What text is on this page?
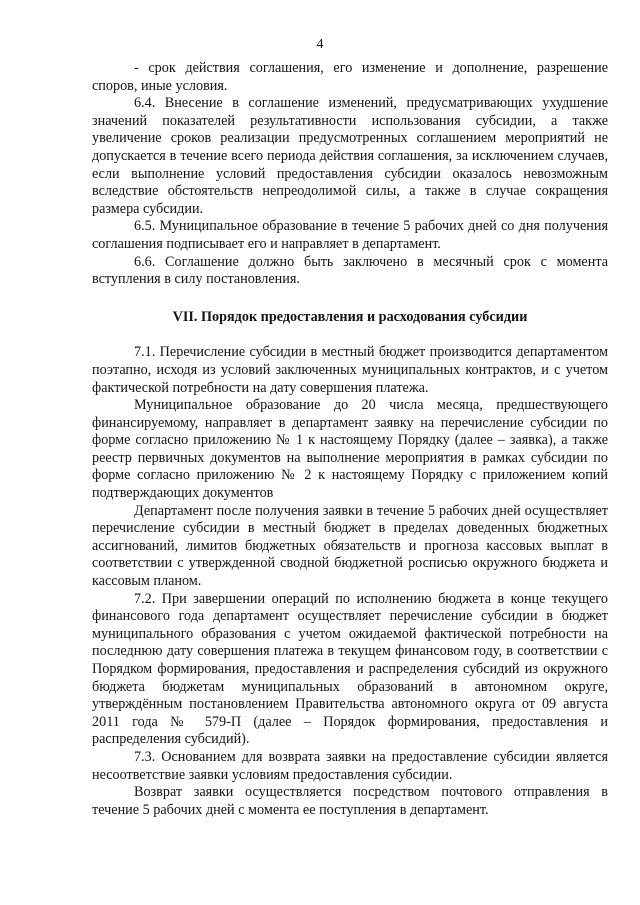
4

- срок действия соглашения, его изменение и дополнение, разрешение споров, иные условия.

6.4. Внесение в соглашение изменений, предусматривающих ухудшение значений показателей результативности использования субсидии, а также увеличение сроков реализации предусмотренных соглашением мероприятий не допускается в течение всего периода действия соглашения, за исключением случаев, если выполнение условий предоставления субсидии оказалось невозможным вследствие обстоятельств непреодолимой силы, а также в случае сокращения размера субсидии.

6.5. Муниципальное образование в течение 5 рабочих дней со дня получения соглашения подписывает его и направляет в департамент.

6.6. Соглашение должно быть заключено в месячный срок с момента вступления в силу постановления.

VII. Порядок предоставления и расходования субсидии

7.1. Перечисление субсидии в местный бюджет производится департаментом поэтапно, исходя из условий заключенных муниципальных контрактов, и с учетом фактической потребности на дату совершения платежа.

Муниципальное образование до 20 числа месяца, предшествующего финансируемому, направляет в департамент заявку на перечисление субсидии по форме согласно приложению № 1 к настоящему Порядку (далее – заявка), а также реестр первичных документов на выполнение мероприятия в рамках субсидии по форме согласно приложению № 2 к настоящему Порядку с приложением копий подтверждающих документов

Департамент после получения заявки в течение 5 рабочих дней осуществляет перечисление субсидии в местный бюджет в пределах доведенных бюджетных ассигнований, лимитов бюджетных обязательств и прогноза кассовых выплат в соответствии с утвержденной сводной бюджетной росписью окружного бюджета и кассовым планом.

7.2. При завершении операций по исполнению бюджета в конце текущего финансового года департамент осуществляет перечисление субсидии в бюджет муниципального образования с учетом ожидаемой фактической потребности на последнюю дату совершения платежа в текущем финансовом году, в соответствии с Порядком формирования, предоставления и распределения субсидий из окружного бюджета бюджетам муниципальных образований в автономном округе, утверждённым постановлением Правительства автономного округа от 09 августа 2011 года № 579-П (далее – Порядок формирования, предоставления и распределения субсидий).

7.3. Основанием для возврата заявки на предоставление субсидии является несоответствие заявки условиям предоставления субсидии.

Возврат заявки осуществляется посредством почтового отправления в течение 5 рабочих дней с момента ее поступления в департамент.
